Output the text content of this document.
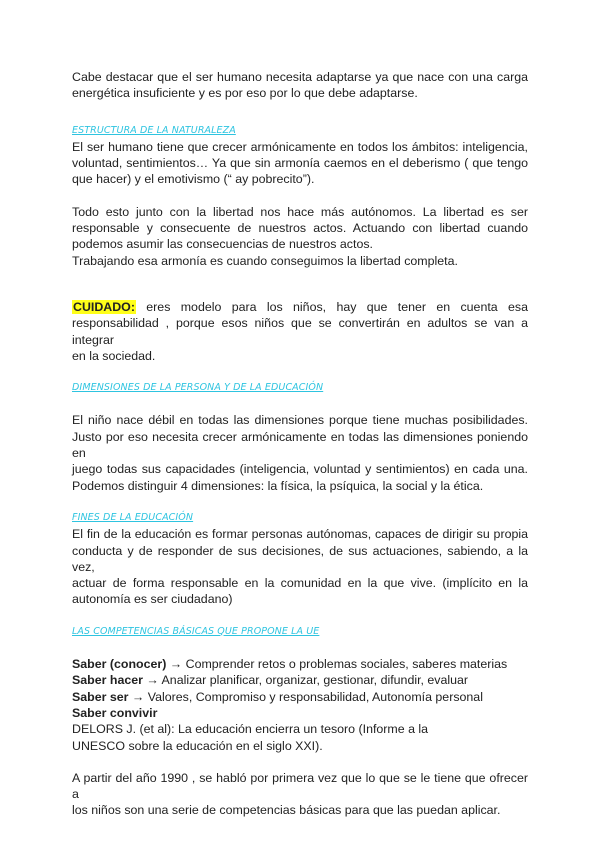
Cabe destacar que el ser humano necesita adaptarse ya que nace con una carga

energética insuficiente y es por eso por lo que debe adaptarse.

ESTRUCTURA DE LA NATURALEZA

El ser humano tiene que crecer armónicamente en todos los ámbitos: inteligencia,

voluntad, sentimientos… Ya que sin armonía caemos en el deberismo ( que tengo

que hacer) y el emotivismo (“ ay pobrecito”).

Todo esto junto con la libertad nos hace más autónomos. La libertad es ser

responsable y consecuente de nuestros actos. Actuando con libertad cuando

podemos asumir las consecuencias de nuestros actos.

Trabajando esa armonía es cuando conseguimos la libertad completa.

CUIDADO: eres modelo para los niños, hay que tener en cuenta esa

responsabilidad , porque esos niños que se convertirán en adultos se van a integrar

en la sociedad.

DIMENSIONES DE LA PERSONA Y DE LA EDUCACIÓN

El niño nace débil en todas las dimensiones porque tiene muchas posibilidades.

Justo por eso necesita crecer armónicamente en todas las dimensiones poniendo en

juego todas sus capacidades (inteligencia, voluntad y sentimientos) en cada una.

Podemos distinguir 4 dimensiones: la física, la psíquica, la social y la ética.

FINES DE LA EDUCACIÓN

El fin de la educación es formar personas autónomas, capaces de dirigir su propia

conducta y de responder de sus decisiones, de sus actuaciones, sabiendo, a la vez,

actuar de forma responsable en la comunidad en la que vive. (implícito en la

autonomía es ser ciudadano)

LAS COMPETENCIAS BÁSICAS QUE PROPONE LA UE

Saber (conocer) → Comprender retos o problemas sociales, saberes materias

Saber hacer → Analizar planificar, organizar, gestionar, difundir, evaluar

Saber ser → Valores, Compromiso y responsabilidad, Autonomía personal

Saber convivir

DELORS J. (et al): La educación encierra un tesoro (Informe a la

UNESCO sobre la educación en el siglo XXI).

A partir del año 1990 , se habló por primera vez que lo que se le tiene que ofrecer a

los niños son una serie de competencias básicas para que las puedan aplicar.
